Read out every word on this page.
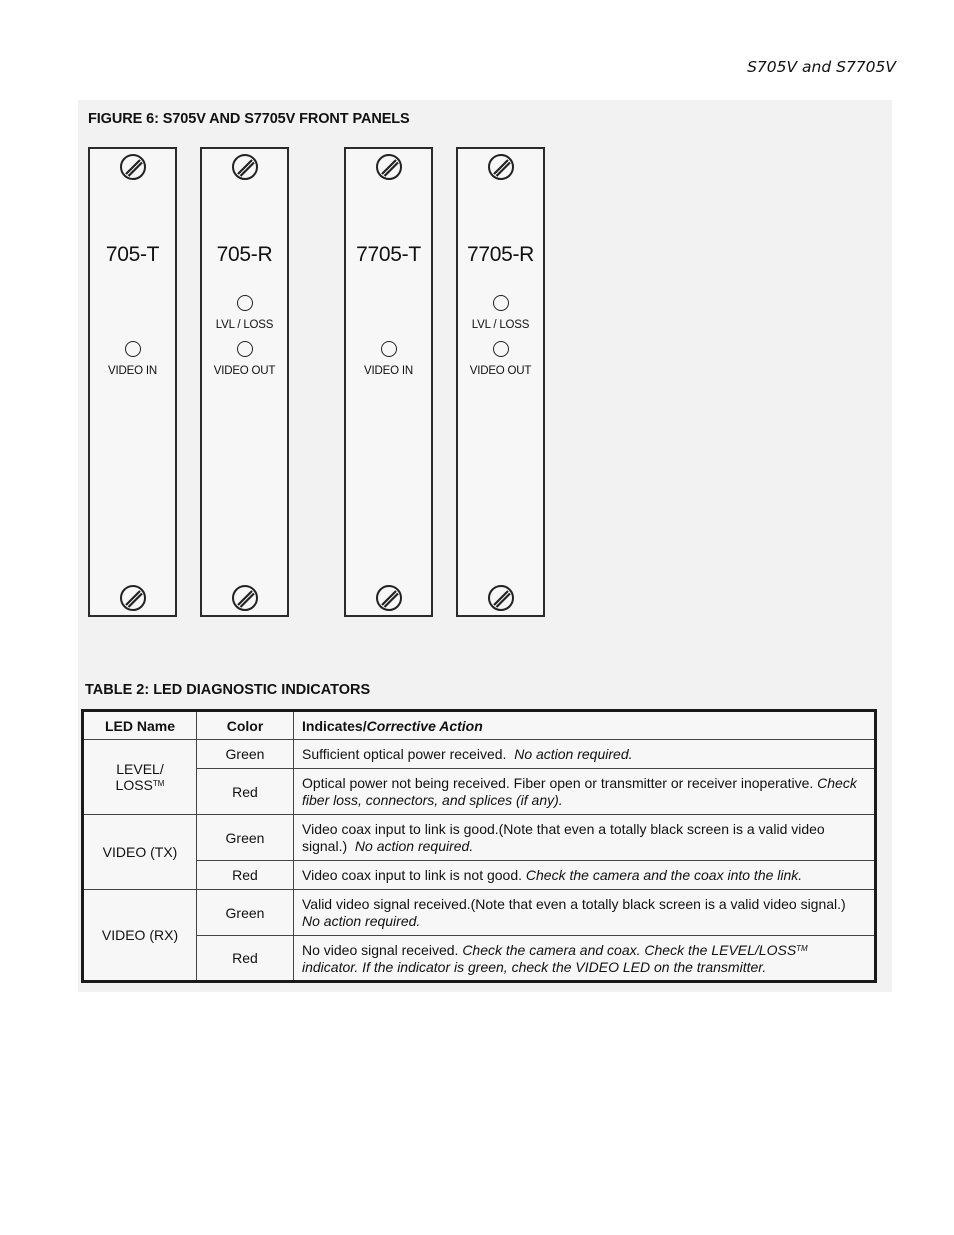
S705V and S7705V
FIGURE 6: S705V AND S7705V FRONT PANELS
705-T
VIDEO IN
705-R
LVL / LOSS
VIDEO OUT
7705-T
VIDEO IN
7705-R
LVL / LOSS
VIDEO OUT
TABLE 2: LED DIAGNOSTIC INDICATORS
LED Name	Color	Indicates/Corrective Action
LEVEL/
LOSS™	Green	Sufficient optical power received. No action required.
	Red	Optical power not being received. Fiber open or transmitter or receiver inoperative. Check fiber loss, connectors, and splices (if any).
VIDEO (TX)	Green	Video coax input to link is good.(Note that even a totally black screen is a valid video signal.) No action required.
	Red	Video coax input to link is not good. Check the camera and the coax into the link.
VIDEO (RX)	Green	Valid video signal received.(Note that even a totally black screen is a valid video signal.)  No action required.
	Red	No video signal received. Check the camera and coax. Check the LEVEL/LOSS™ indicator. If the indicator is green, check the VIDEO LED on the transmitter.
